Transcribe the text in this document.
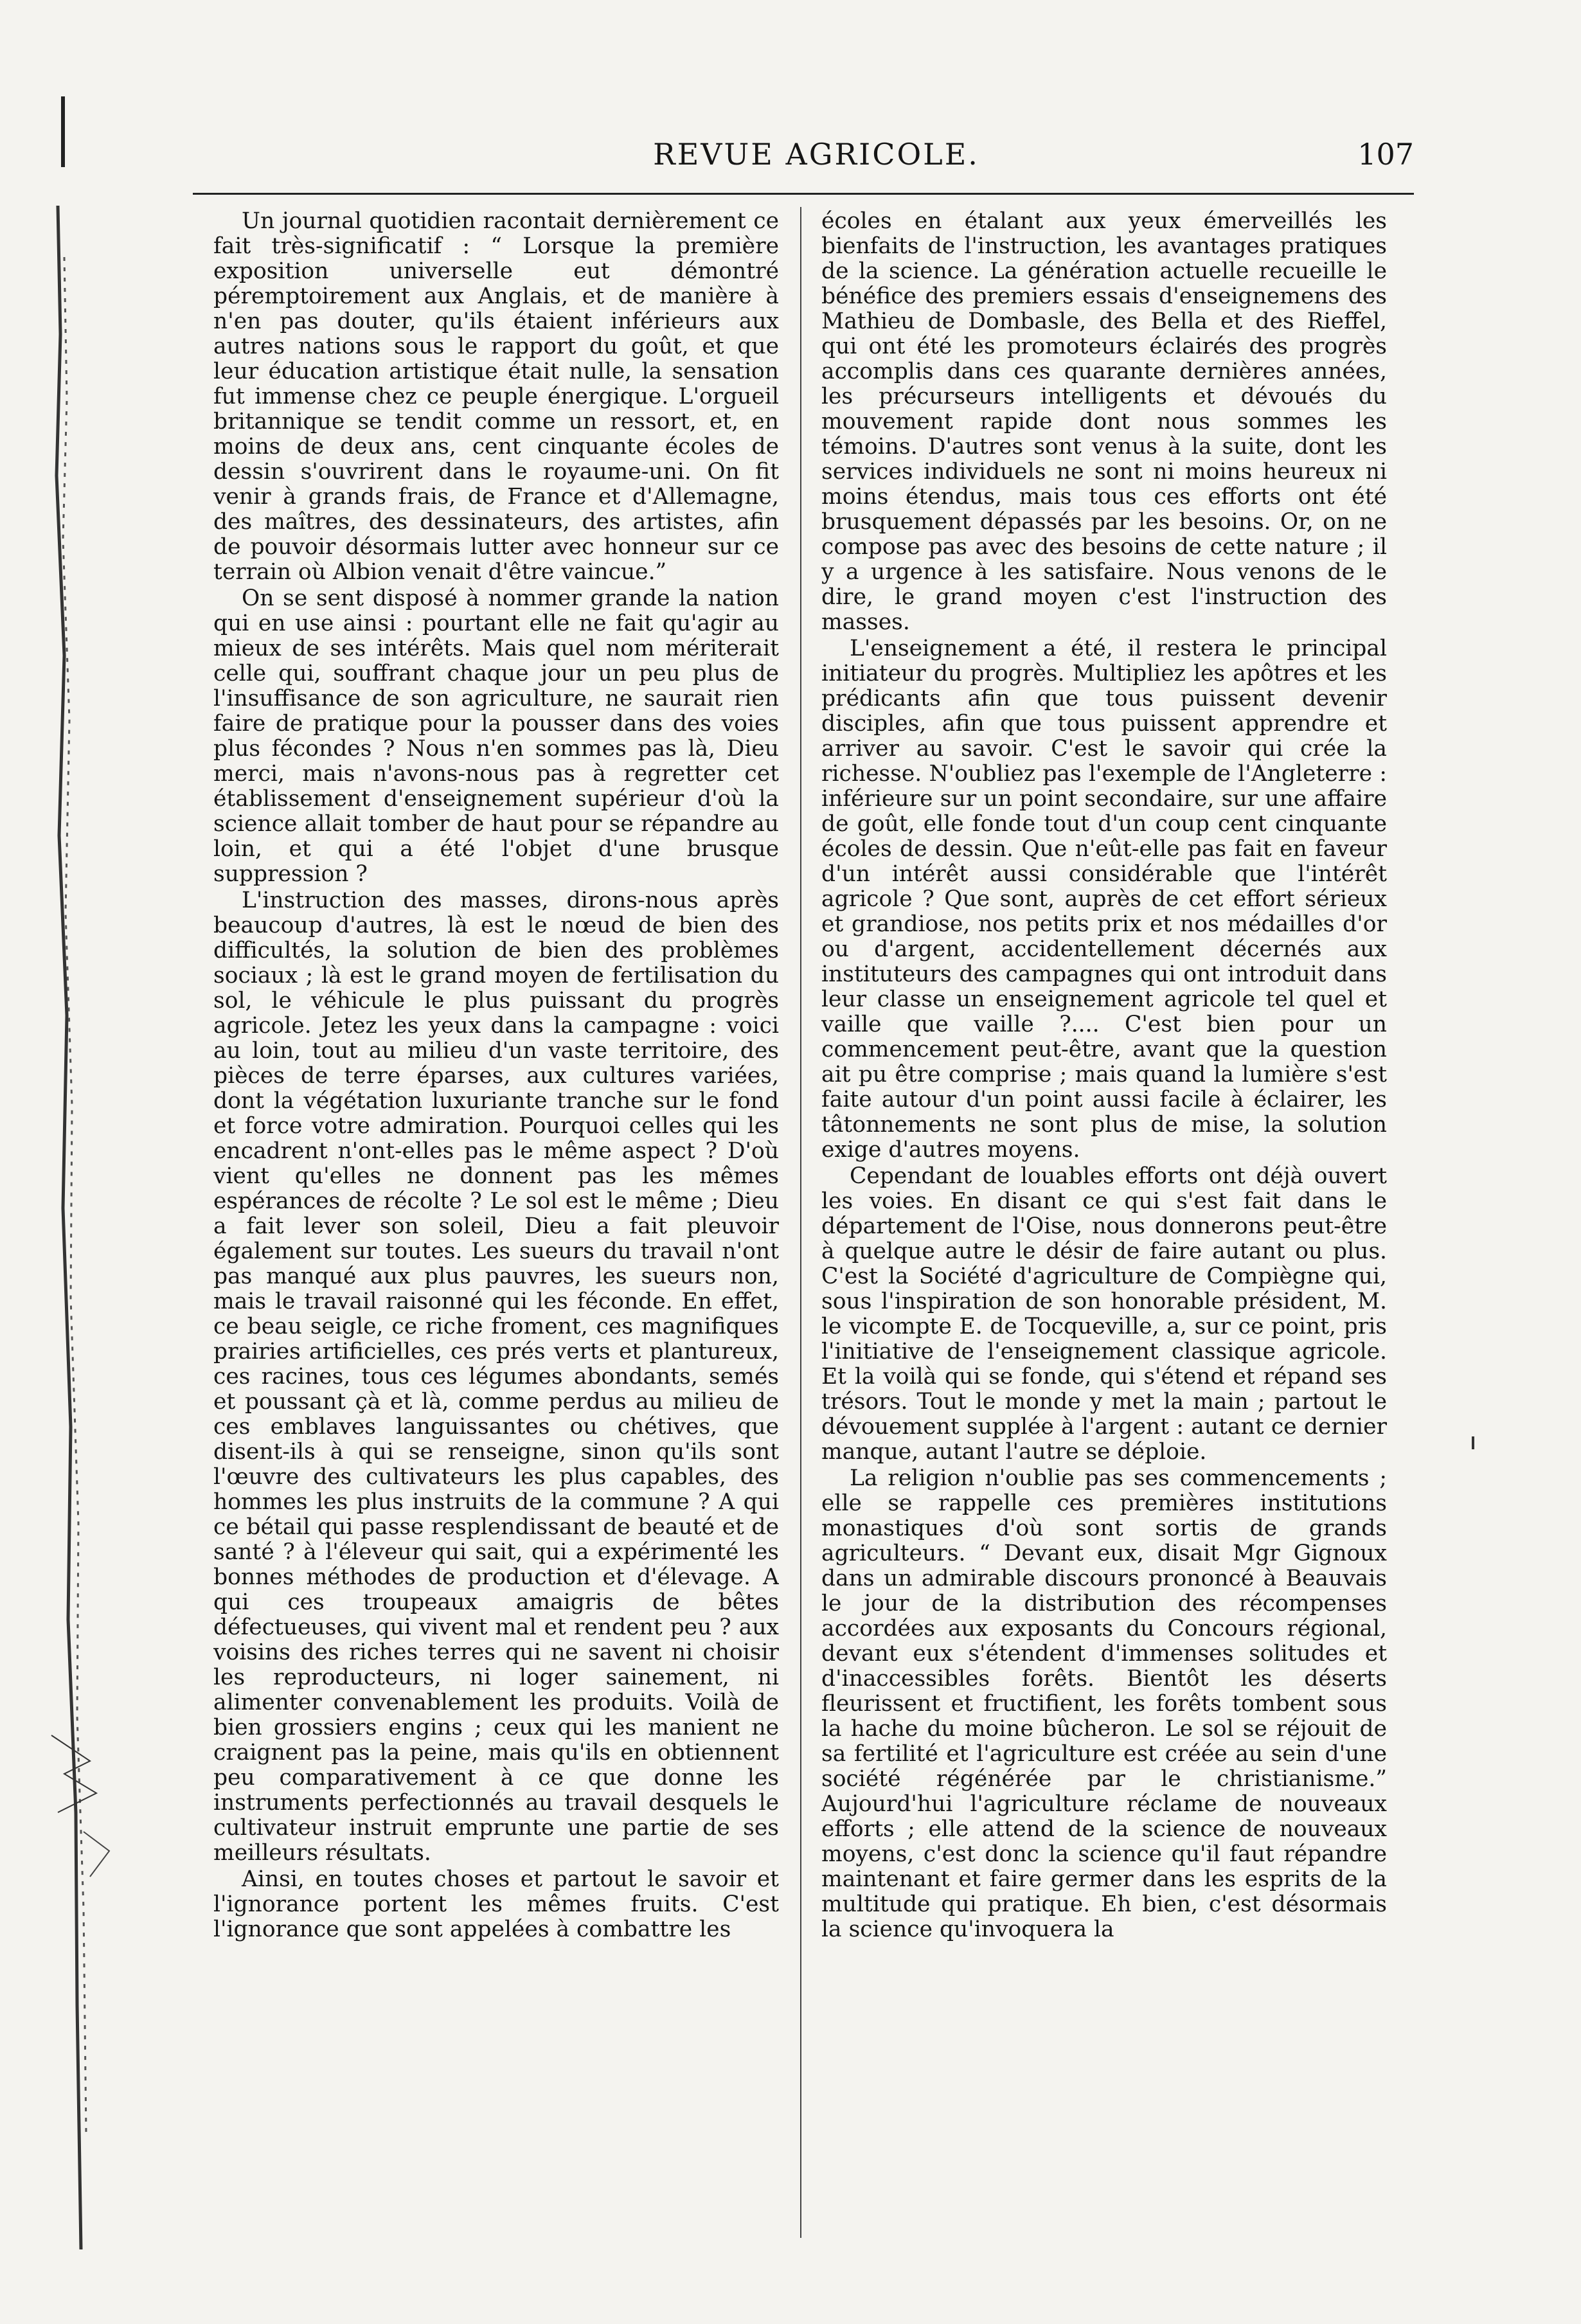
REVUE AGRICOLE.	107

Un journal quotidien racontait dernièrement ce fait très-significatif : “ Lorsque la première exposition universelle eut démontré péremptoirement aux Anglais, et de manière à n'en pas douter, qu'ils étaient inférieurs aux autres nations sous le rapport du goût, et que leur éducation artistique était nulle, la sensation fut immense chez ce peuple énergique. L'orgueil britannique se tendit comme un ressort, et, en moins de deux ans, cent cinquante écoles de dessin s'ouvrirent dans le royaume-uni. On fit venir à grands frais, de France et d'Allemagne, des maîtres, des dessinateurs, des artistes, afin de pouvoir désormais lutter avec honneur sur ce terrain où Albion venait d'être vaincue.”

On se sent disposé à nommer grande la nation qui en use ainsi : pourtant elle ne fait qu'agir au mieux de ses intérêts. Mais quel nom mériterait celle qui, souffrant chaque jour un peu plus de l'insuffisance de son agriculture, ne saurait rien faire de pratique pour la pousser dans des voies plus fécondes ? Nous n'en sommes pas là, Dieu merci, mais n'avons-nous pas à regretter cet établissement d'enseignement supérieur d'où la science allait tomber de haut pour se répandre au loin, et qui a été l'objet d'une brusque suppression ?

L'instruction des masses, dirons-nous après beaucoup d'autres, là est le nœud de bien des difficultés, la solution de bien des problèmes sociaux ; là est le grand moyen de fertilisation du sol, le véhicule le plus puissant du progrès agricole. Jetez les yeux dans la campagne : voici au loin, tout au milieu d'un vaste territoire, des pièces de terre éparses, aux cultures variées, dont la végétation luxuriante tranche sur le fond et force votre admiration. Pourquoi celles qui les encadrent n'ont-elles pas le même aspect ? D'où vient qu'elles ne donnent pas les mêmes espérances de récolte ? Le sol est le même ; Dieu a fait lever son soleil, Dieu a fait pleuvoir également sur toutes. Les sueurs du travail n'ont pas manqué aux plus pauvres, les sueurs non, mais le travail raisonné qui les féconde. En effet, ce beau seigle, ce riche froment, ces magnifiques prairies artificielles, ces prés verts et plantureux, ces racines, tous ces légumes abondants, semés et poussant çà et là, comme perdus au milieu de ces emblaves languissantes ou chétives, que disent-ils à qui se renseigne, sinon qu'ils sont l'œuvre des cultivateurs les plus capables, des hommes les plus instruits de la commune ? A qui ce bétail qui passe resplendissant de beauté et de santé ? à l'éleveur qui sait, qui a expérimenté les bonnes méthodes de production et d'élevage. A qui ces troupeaux amaigris de bêtes défectueuses, qui vivent mal et rendent peu ? aux voisins des riches terres qui ne savent ni choisir les reproducteurs, ni loger sainement, ni alimenter convenablement les produits. Voilà de bien grossiers engins ; ceux qui les manient ne craignent pas la peine, mais qu'ils en obtiennent peu comparativement à ce que donne les instruments perfectionnés au travail desquels le cultivateur instruit emprunte une partie de ses meilleurs résultats.

Ainsi, en toutes choses et partout le savoir et l'ignorance portent les mêmes fruits. C'est l'ignorance que sont appelées à combattre les

écoles en étalant aux yeux émerveillés les bienfaits de l'instruction, les avantages pratiques de la science. La génération actuelle recueille le bénéfice des premiers essais d'enseignemens des Mathieu de Dombasle, des Bella et des Rieffel, qui ont été les promoteurs éclairés des progrès accomplis dans ces quarante dernières années, les précurseurs intelligents et dévoués du mouvement rapide dont nous sommes les témoins. D'autres sont venus à la suite, dont les services individuels ne sont ni moins heureux ni moins étendus, mais tous ces efforts ont été brusquement dépassés par les besoins. Or, on ne compose pas avec des besoins de cette nature ; il y a urgence à les satisfaire. Nous venons de le dire, le grand moyen c'est l'instruction des masses.

L'enseignement a été, il restera le principal initiateur du progrès. Multipliez les apôtres et les prédicants afin que tous puissent devenir disciples, afin que tous puissent apprendre et arriver au savoir. C'est le savoir qui crée la richesse. N'oubliez pas l'exemple de l'Angleterre : inférieure sur un point secondaire, sur une affaire de goût, elle fonde tout d'un coup cent cinquante écoles de dessin. Que n'eût-elle pas fait en faveur d'un intérêt aussi considérable que l'intérêt agricole ? Que sont, auprès de cet effort sérieux et grandiose, nos petits prix et nos médailles d'or ou d'argent, accidentellement décernés aux instituteurs des campagnes qui ont introduit dans leur classe un enseignement agricole tel quel et vaille que vaille ?.... C'est bien pour un commencement peut-être, avant que la question ait pu être comprise ; mais quand la lumière s'est faite autour d'un point aussi facile à éclairer, les tâtonnements ne sont plus de mise, la solution exige d'autres moyens.

Cependant de louables efforts ont déjà ouvert les voies. En disant ce qui s'est fait dans le département de l'Oise, nous donnerons peut-être à quelque autre le désir de faire autant ou plus. C'est la Société d'agriculture de Compiègne qui, sous l'inspiration de son honorable président, M. le vicompte E. de Tocqueville, a, sur ce point, pris l'initiative de l'enseignement classique agricole. Et la voilà qui se fonde, qui s'étend et répand ses trésors. Tout le monde y met la main ; partout le dévouement supplée à l'argent : autant ce dernier manque, autant l'autre se déploie.

La religion n'oublie pas ses commencements ; elle se rappelle ces premières institutions monastiques d'où sont sortis de grands agriculteurs. “ Devant eux, disait Mgr Gignoux dans un admirable discours prononcé à Beauvais le jour de la distribution des récompenses accordées aux exposants du Concours régional, devant eux s'étendent d'immenses solitudes et d'inaccessibles forêts. Bientôt les déserts fleurissent et fructifient, les forêts tombent sous la hache du moine bûcheron. Le sol se réjouit de sa fertilité et l'agriculture est créée au sein d'une société régénérée par le christianisme.” Aujourd'hui l'agriculture réclame de nouveaux efforts ; elle attend de la science de nouveaux moyens, c'est donc la science qu'il faut répandre maintenant et faire germer dans les esprits de la multitude qui pratique. Eh bien, c'est désormais la science qu'invoquera la
